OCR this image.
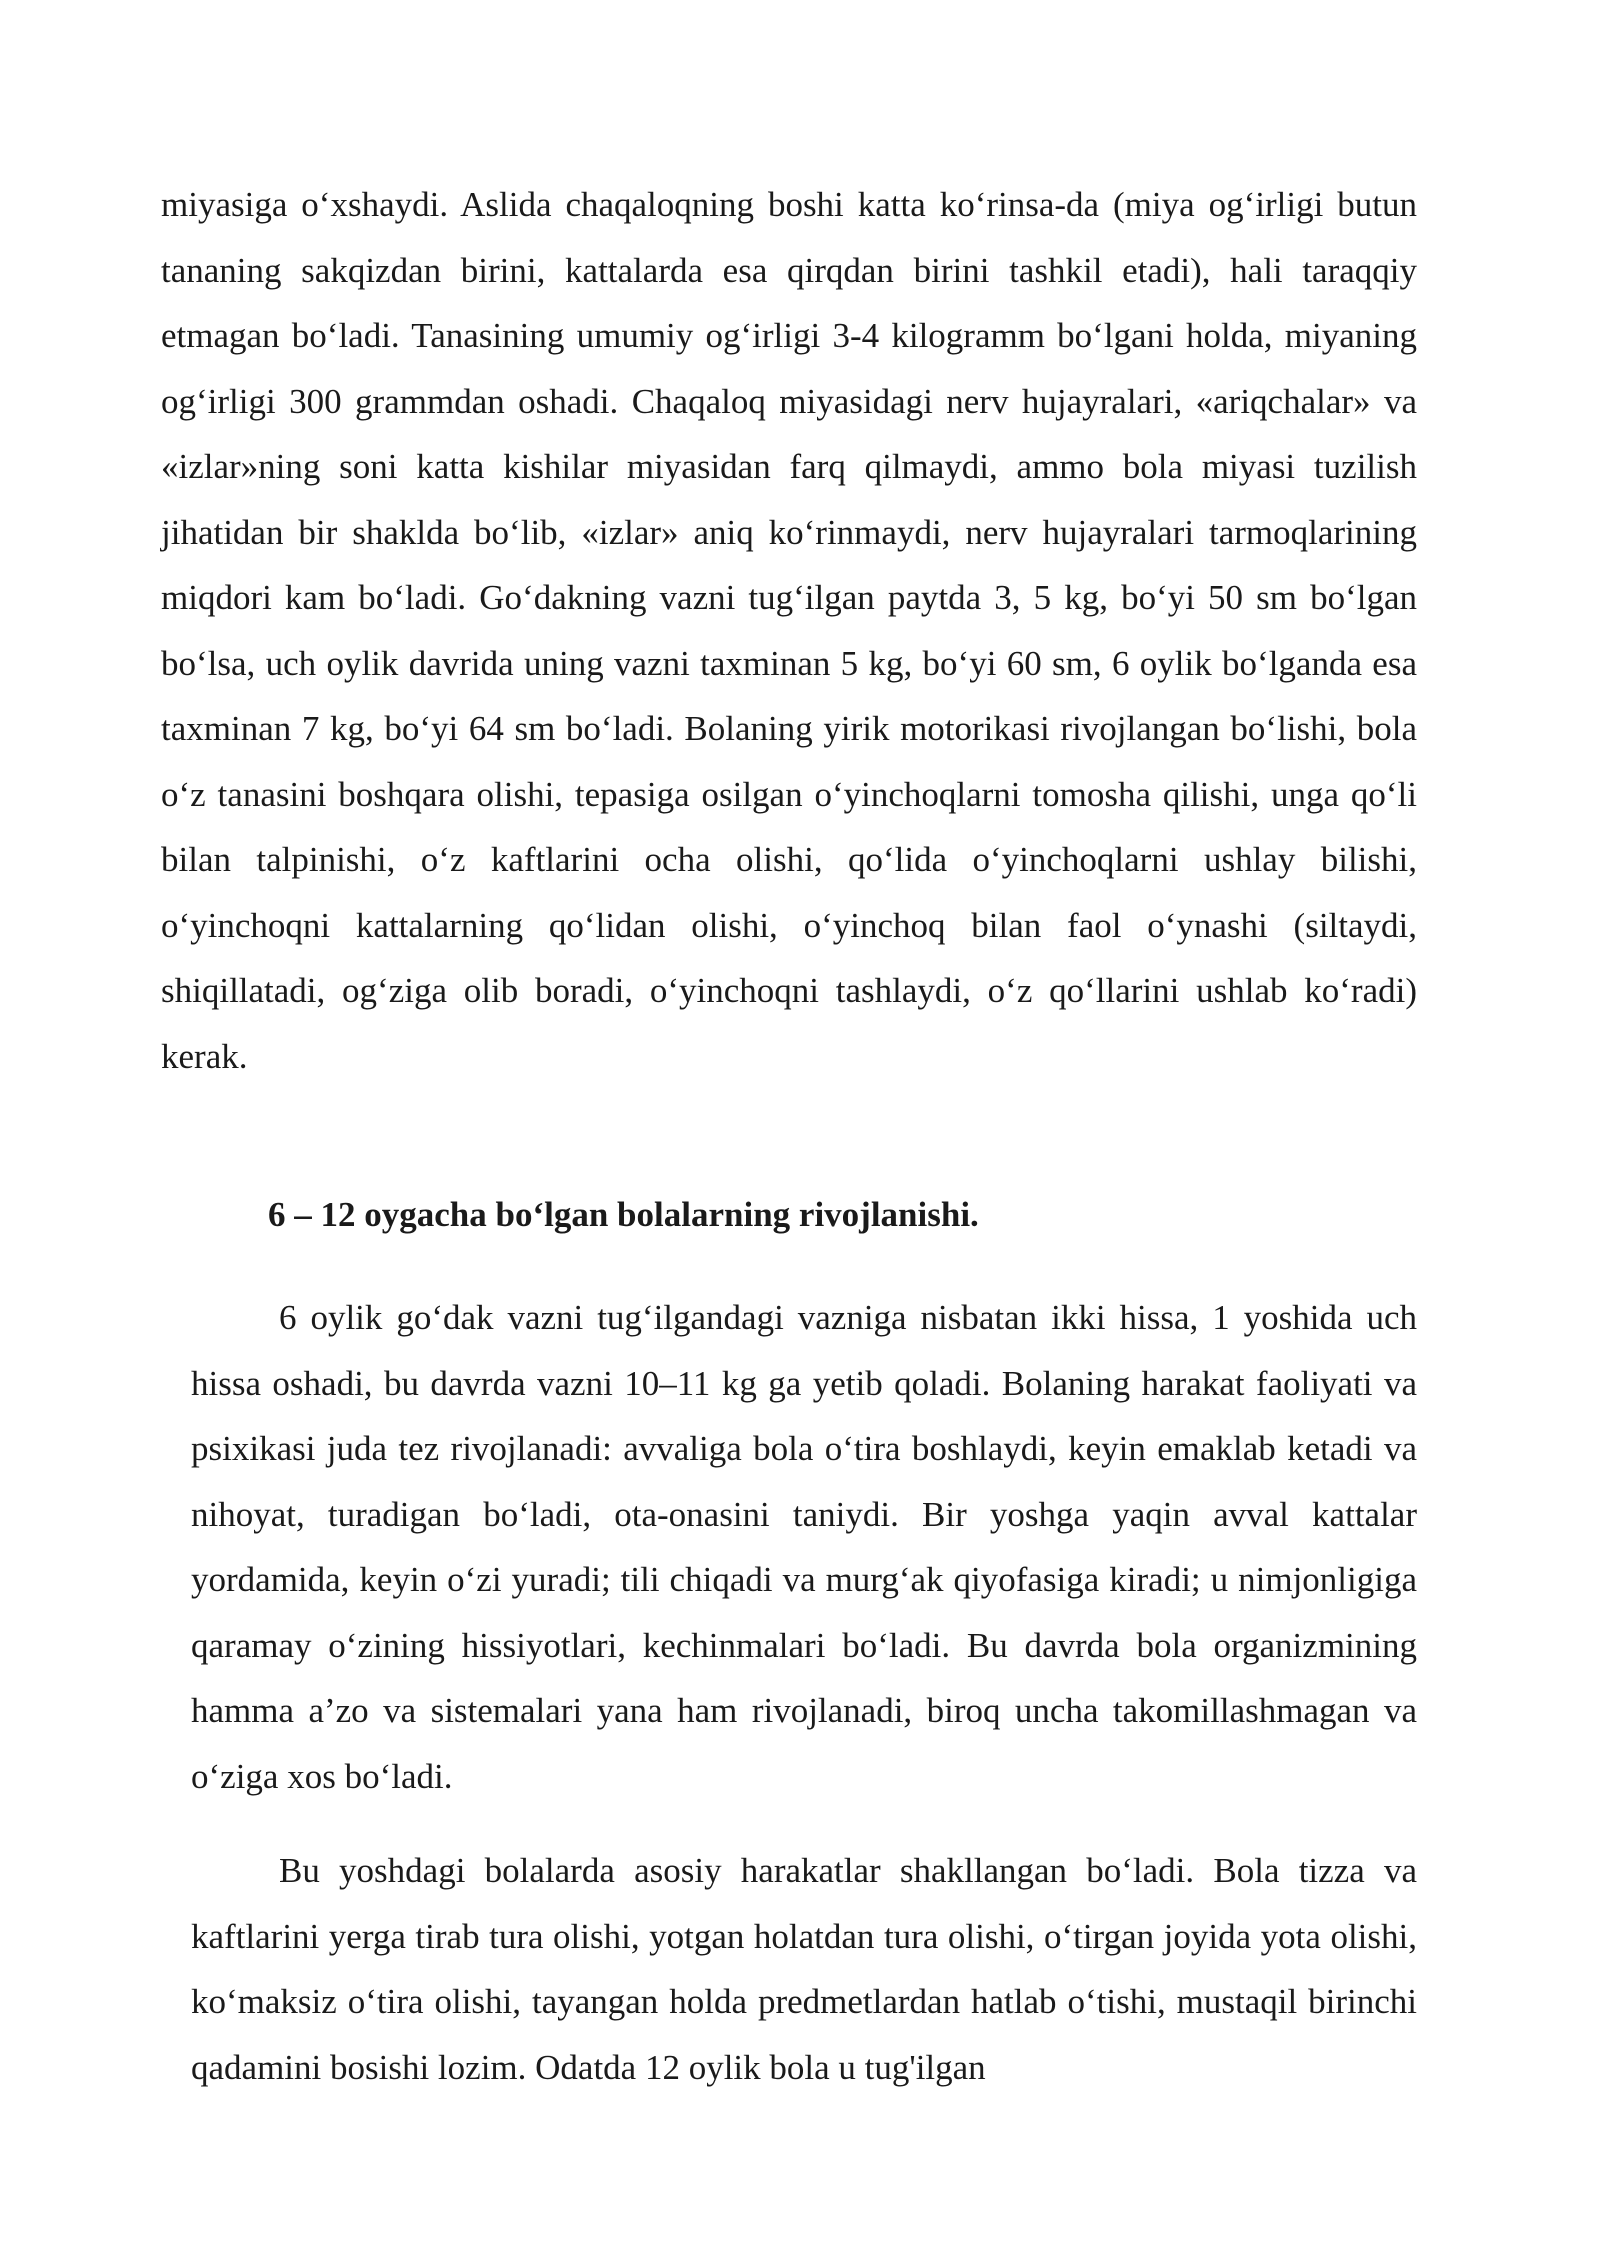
miyasiga o‘xshaydi. Aslida chaqaloqning boshi katta ko‘rinsa-da (miya og‘irligi butun tananing sakqizdan birini, kattalarda esa qirqdan birini tashkil etadi), hali taraqqiy etmagan bo‘ladi. Tanasining umumiy og‘irligi 3-4 kilogramm bo‘lgani holda, miyaning og‘irligi 300 grammdan oshadi. Chaqaloq miyasidagi nerv hujayralari, «ariqchalar» va «izlar»ning soni katta kishilar miyasidan farq qilmaydi, ammo bola miyasi tuzilish jihatidan bir shaklda bo‘lib, «izlar» aniq ko‘rinmaydi, nerv hujayralari tarmoqlarining miqdori kam bo‘ladi. Go‘dakning vazni tug‘ilgan paytda 3, 5 kg, bo‘yi 50 sm bo‘lgan bo‘lsa, uch oylik davrida uning vazni taxminan 5 kg, bo‘yi 60 sm, 6 oylik bo‘lganda esa taxminan 7 kg, bo‘yi 64 sm bo‘ladi. Bolaning yirik motorikasi rivojlangan bo‘lishi, bola o‘z tanasini boshqara olishi, tepasiga osilgan o‘yinchoqlarni tomosha qilishi, unga qo‘li bilan talpinishi, o‘z kaftlarini ocha olishi, qo‘lida o‘yinchoqlarni ushlay bilishi, o‘yinchoqni kattalarning qo‘lidan olishi, o‘yinchoq bilan faol o‘ynashi (siltaydi, shiqillatadi, og‘ziga olib boradi, o‘yinchoqni tashlaydi, o‘z qo‘llarini ushlab ko‘radi) kerak.

6 – 12 oygacha bo‘lgan bolalarning rivojlanishi.

6 oylik go‘dak vazni tug‘ilgandagi vazniga nisbatan ikki hissa, 1 yoshida uch hissa oshadi, bu davrda vazni 10–11 kg ga yetib qoladi. Bolaning harakat faoliyati va psixikasi juda tez rivojlanadi: avvaliga bola o‘tira boshlaydi, keyin emaklab ketadi va nihoyat, turadigan bo‘ladi, ota-onasini taniydi. Bir yoshga yaqin avval kattalar yordamida, keyin o‘zi yuradi; tili chiqadi va murg‘ak qiyofasiga kiradi; u nimjonligiga qaramay o‘zining hissiyotlari, kechinmalari bo‘ladi. Bu davrda bola organizmining hamma a’zo va sistemalari yana ham rivojlanadi, biroq uncha takomillashmagan va o‘ziga xos bo‘ladi.

Bu yoshdagi bolalarda asosiy harakatlar shakllangan bo‘ladi. Bola tizza va kaftlarini yerga tirab tura olishi, yotgan holatdan tura olishi, o‘tirgan joyida yota olishi, ko‘maksiz o‘tira olishi, tayangan holda predmetlardan hatlab o‘tishi, mustaqil birinchi qadamini bosishi lozim. Odatda 12 oylik bola u tug'ilgan
